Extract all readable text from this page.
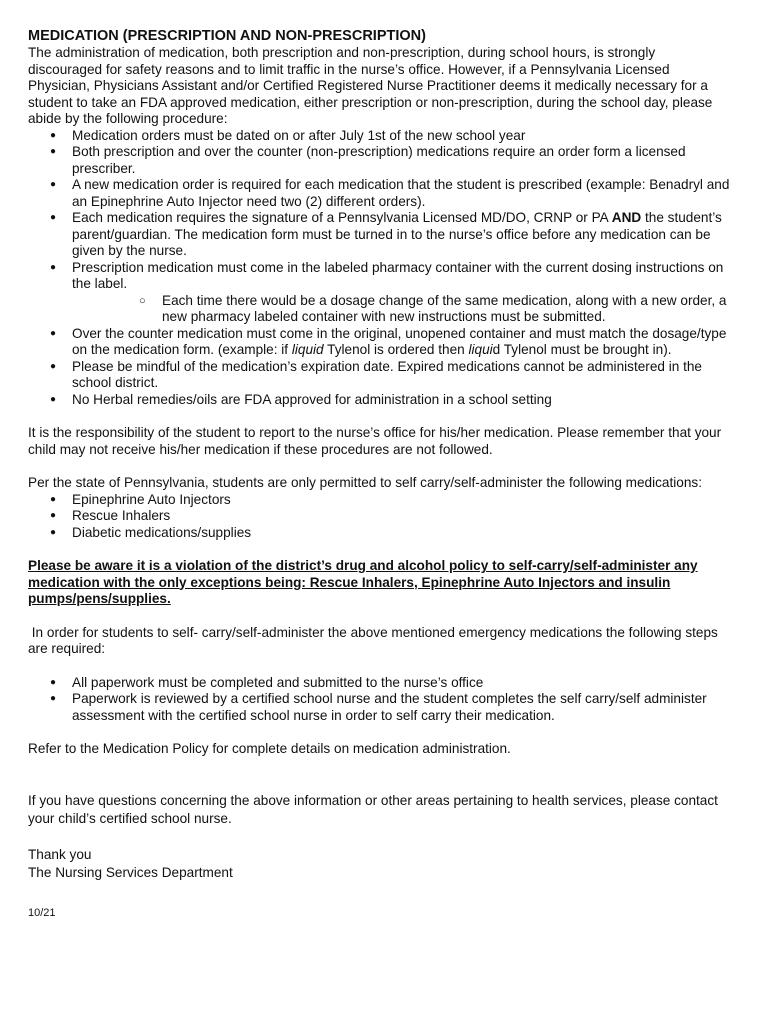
MEDICATION (PRESCRIPTION AND NON-PRESCRIPTION)

The administration of medication, both prescription and non-prescription, during school hours, is strongly discouraged for safety reasons and to limit traffic in the nurse’s office. However, if a Pennsylvania Licensed Physician, Physicians Assistant and/or Certified Registered Nurse Practitioner deems it medically necessary for a student to take an FDA approved medication, either prescription or non-prescription, during the school day, please abide by the following procedure:

● Medication orders must be dated on or after July 1st of the new school year
● Both prescription and over the counter (non-prescription) medications require an order form a licensed prescriber.
● A new medication order is required for each medication that the student is prescribed (example: Benadryl and an Epinephrine Auto Injector need two (2) different orders).
● Each medication requires the signature of a Pennsylvania Licensed MD/DO, CRNP or PA AND the student’s parent/guardian. The medication form must be turned in to the nurse’s office before any medication can be given by the nurse.
● Prescription medication must come in the labeled pharmacy container with the current dosing instructions on the label.
○ Each time there would be a dosage change of the same medication, along with a new order, a new pharmacy labeled container with new instructions must be submitted.
● Over the counter medication must come in the original, unopened container and must match the dosage/type on the medication form. (example: if liquid Tylenol is ordered then liquid Tylenol must be brought in).
● Please be mindful of the medication’s expiration date. Expired medications cannot be administered in the school district.
● No Herbal remedies/oils are FDA approved for administration in a school setting

It is the responsibility of the student to report to the nurse’s office for his/her medication. Please remember that your child may not receive his/her medication if these procedures are not followed.

Per the state of Pennsylvania, students are only permitted to self carry/self-administer the following medications:

● Epinephrine Auto Injectors
● Rescue Inhalers
● Diabetic medications/supplies

Please be aware it is a violation of the district’s drug and alcohol policy to self-carry/self-administer any medication with the only exceptions being: Rescue Inhalers, Epinephrine Auto Injectors and insulin pumps/pens/supplies.

In order for students to self- carry/self-administer the above mentioned emergency medications the following steps are required:

● All paperwork must be completed and submitted to the nurse’s office
● Paperwork is reviewed by a certified school nurse and the student completes the self carry/self administer assessment with the certified school nurse in order to self carry their medication.

Refer to the Medication Policy for complete details on medication administration.

If you have questions concerning the above information or other areas pertaining to health services, please contact your child’s certified school nurse.

Thank you

The Nursing Services Department

10/21
